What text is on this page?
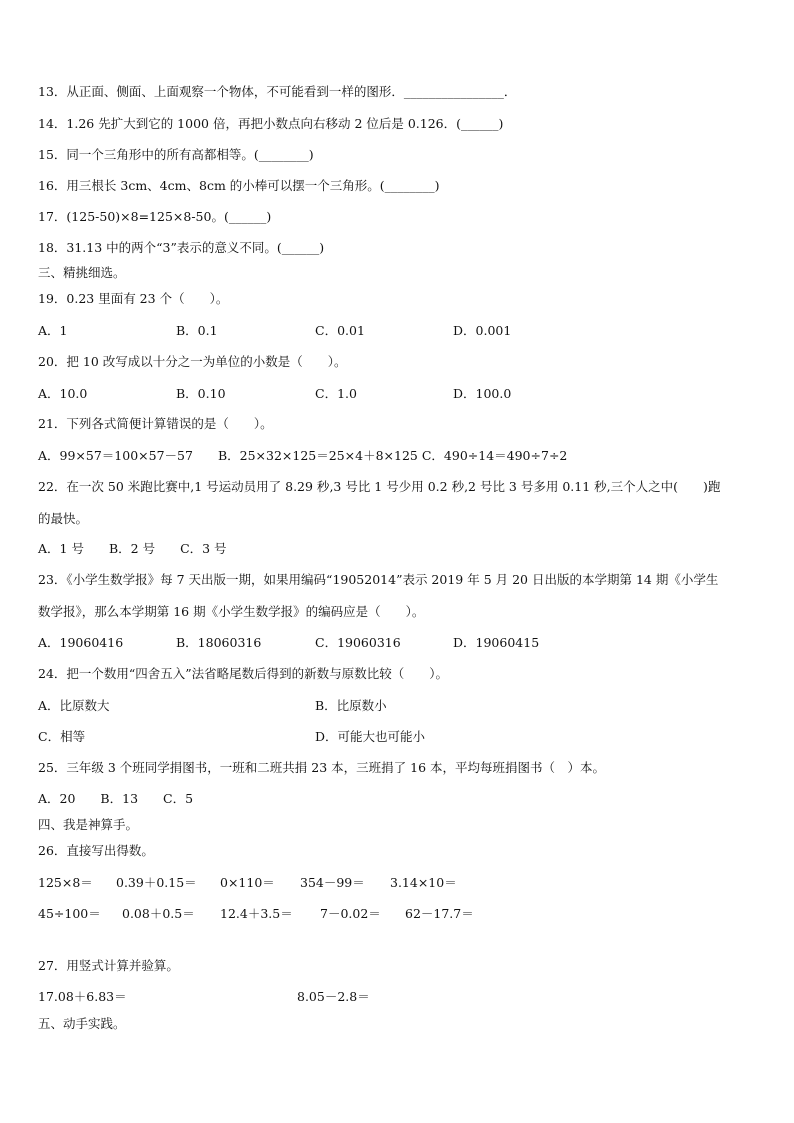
13．从正面、侧面、上面观察一个物体，不可能看到一样的图形．________________．
14．1.26 先扩大到它的 1000 倍，再把小数点向右移动 2 位后是 0.126．(______)
15．同一个三角形中的所有高都相等。(________)
16．用三根长 3cm、4cm、8cm 的小棒可以摆一个三角形。(________)
17．(125-50)×8=125×8-50。(______)
18．31.13 中的两个“3”表示的意义不同。(______)
三、精挑细选。
19．0.23 里面有 23 个（　　）。
A．1	B．0.1	C．0.01	D．0.001
20．把 10 改写成以十分之一为单位的小数是（　　）。
A．10.0	B．0.10	C．1.0	D．100.0
21．下列各式简便计算错误的是（　　）。
A．99×57＝100×57－57　　B．25×32×125＝25×4＋8×125 C．490÷14＝490÷7÷2
22．在一次 50 米跑比赛中,1 号运动员用了 8.29 秒,3 号比 1 号少用 0.2 秒,2 号比 3 号多用 0.11 秒,三个人之中(　　)跑
的最快。
A．1 号　　B．2 号　　C．3 号
23．《小学生数学报》每 7 天出版一期，如果用编码“19052014”表示 2019 年 5 月 20 日出版的本学期第 14 期《小学生
数学报》，那么本学期第 16 期《小学生数学报》的编码应是（　　）。
A．19060416	B．18060316	C．19060316	D．19060415
24．把一个数用“四舍五入”法省略尾数后得到的新数与原数比较（　　）。
A．比原数大	B．比原数小
C．相等	D．可能大也可能小
25．三年级 3 个班同学捐图书，一班和二班共捐 23 本，三班捐了 16 本，平均每班捐图书（　）本。
A．20　　B．13　　C．5
四、我是神算手。
26．直接写出得数。
125×8＝ 0.39＋0.15＝ 0×110＝ 354－99＝ 3.14×10＝
45÷100＝ 0.08＋0.5＝ 12.4＋3.5＝ 7－0.02＝ 62－17.7＝
27．用竖式计算并验算。
17.08＋6.83＝	8.05－2.8＝
五、动手实践。
